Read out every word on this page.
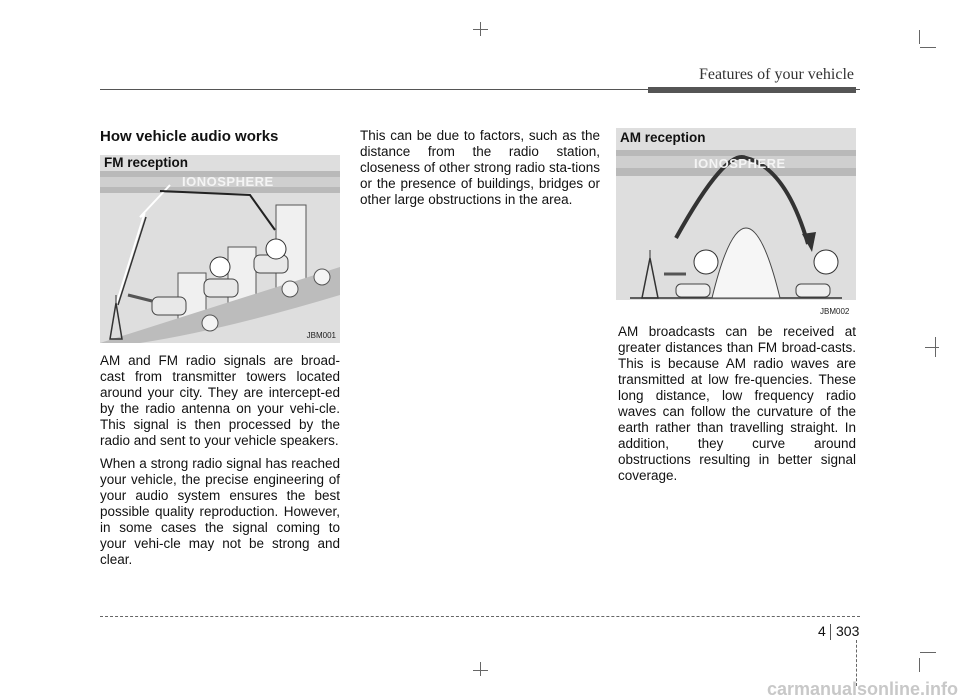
Features of your vehicle
How vehicle audio works
IONOSPHERE
FM reception
JBM001

AM and FM radio signals are broad-cast from transmitter towers located around your city. They are intercept-ed by the radio antenna on your vehi-cle. This signal is then processed by the radio and sent to your vehicle speakers.

When a strong radio signal has reached your vehicle, the precise engineering of your audio system ensures the best possible quality reproduction. However, in some cases the signal coming to your vehi-cle may not be strong and clear.

This can be due to factors, such as the distance from the radio station, closeness of other strong radio sta-tions or the presence of buildings, bridges or other large obstructions in the area.

IONOSPHERE
AM reception
JBM002

AM broadcasts can be received at greater distances than FM broad-casts. This is because AM radio waves are transmitted at low fre-quencies. These long distance, low frequency radio waves can follow the curvature of the earth rather than travelling straight. In addition, they curve around obstructions resulting in better signal coverage.

4 303
carmanualsonline.info
